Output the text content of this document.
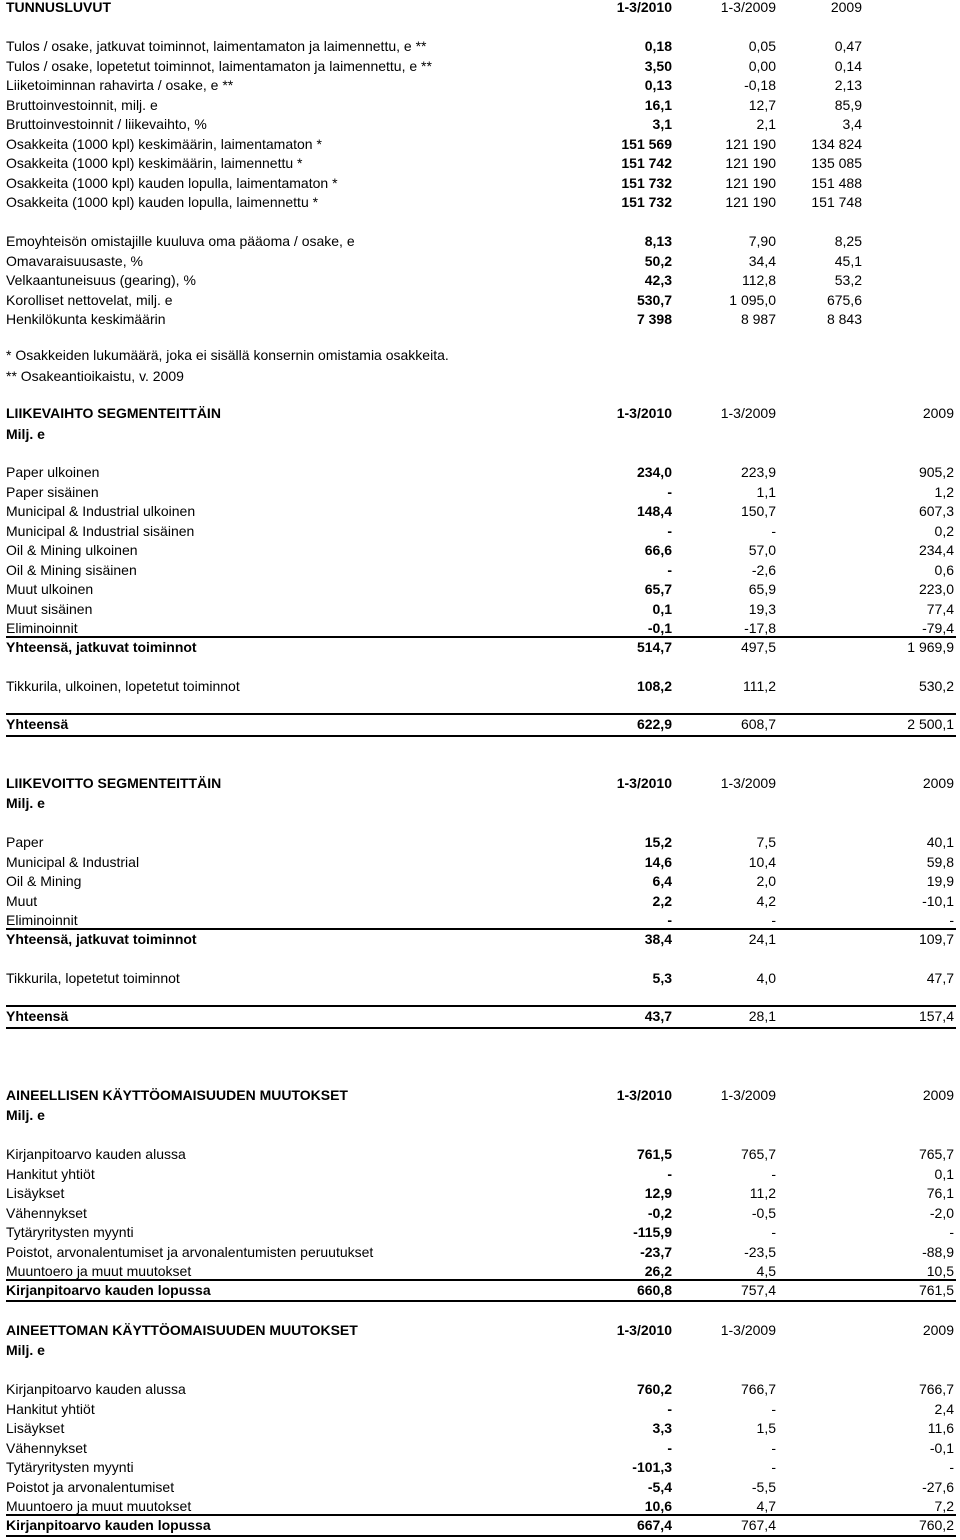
TUNNUSLUVUT	1-3/2010	1-3/2009	2009
Tulos / osake, jatkuvat toiminnot, laimentamaton ja laimennettu, e **	0,18	0,05	0,47
Tulos / osake, lopetetut toiminnot, laimentamaton ja laimennettu, e **	3,50	0,00	0,14
Liiketoiminnan rahavirta / osake, e **	0,13	-0,18	2,13
Bruttoinvestoinnit, milj. e	16,1	12,7	85,9
Bruttoinvestoinnit / liikevaihto, %	3,1	2,1	3,4
Osakkeita (1000 kpl) keskimäärin, laimentamaton *	151 569	121 190	134 824
Osakkeita (1000 kpl) keskimäärin, laimennettu *	151 742	121 190	135 085
Osakkeita (1000 kpl) kauden lopulla, laimentamaton *	151 732	121 190	151 488
Osakkeita (1000 kpl) kauden lopulla, laimennettu *	151 732	121 190	151 748
Emoyhteisön omistajille kuuluva oma pääoma / osake, e	8,13	7,90	8,25
Omavaraisuusaste, %	50,2	34,4	45,1
Velkaantuneisuus (gearing), %	42,3	112,8	53,2
Korolliset nettovelat, milj. e	530,7	1 095,0	675,6
Henkilökunta keskimäärin	7 398	8 987	8 843
* Osakkeiden lukumäärä, joka ei sisällä konsernin omistamia osakkeita.
** Osakeantioikaistu, v. 2009
LIIKEVAIHTO SEGMENTEITTÄIN	1-3/2010	1-3/2009	2009
Milj. e
Paper ulkoinen	234,0	223,9	905,2
Paper sisäinen	-	1,1	1,2
Municipal & Industrial ulkoinen	148,4	150,7	607,3
Municipal & Industrial sisäinen	-	-	0,2
Oil & Mining ulkoinen	66,6	57,0	234,4
Oil & Mining sisäinen	-	-2,6	0,6
Muut ulkoinen	65,7	65,9	223,0
Muut sisäinen	0,1	19,3	77,4
Eliminoinnit	-0,1	-17,8	-79,4
Yhteensä, jatkuvat toiminnot	514,7	497,5	1 969,9
Tikkurila, ulkoinen, lopetetut toiminnot	108,2	111,2	530,2
Yhteensä	622,9	608,7	2 500,1
LIIKEVOITTO SEGMENTEITTÄIN	1-3/2010	1-3/2009	2009
Milj. e
Paper	15,2	7,5	40,1
Municipal & Industrial	14,6	10,4	59,8
Oil & Mining	6,4	2,0	19,9
Muut	2,2	4,2	-10,1
Eliminoinnit	-	-	-
Yhteensä, jatkuvat toiminnot	38,4	24,1	109,7
Tikkurila, lopetetut toiminnot	5,3	4,0	47,7
Yhteensä	43,7	28,1	157,4
AINEELLISEN KÄYTTÖOMAISUUDEN MUUTOKSET	1-3/2010	1-3/2009	2009
Milj. e
Kirjanpitoarvo kauden alussa	761,5	765,7	765,7
Hankitut yhtiöt	-	-	0,1
Lisäykset	12,9	11,2	76,1
Vähennykset	-0,2	-0,5	-2,0
Tytäryritysten myynti	-115,9	-	-
Poistot, arvonalentumiset ja arvonalentumisten peruutukset	-23,7	-23,5	-88,9
Muuntoero ja muut muutokset	26,2	4,5	10,5
Kirjanpitoarvo kauden lopussa	660,8	757,4	761,5
AINEETTOMAN KÄYTTÖOMAISUUDEN MUUTOKSET	1-3/2010	1-3/2009	2009
Milj. e
Kirjanpitoarvo kauden alussa	760,2	766,7	766,7
Hankitut yhtiöt	-	-	2,4
Lisäykset	3,3	1,5	11,6
Vähennykset	-	-	-0,1
Tytäryritysten myynti	-101,3	-	-
Poistot ja arvonalentumiset	-5,4	-5,5	-27,6
Muuntoero ja muut muutokset	10,6	4,7	7,2
Kirjanpitoarvo kauden lopussa	667,4	767,4	760,2
